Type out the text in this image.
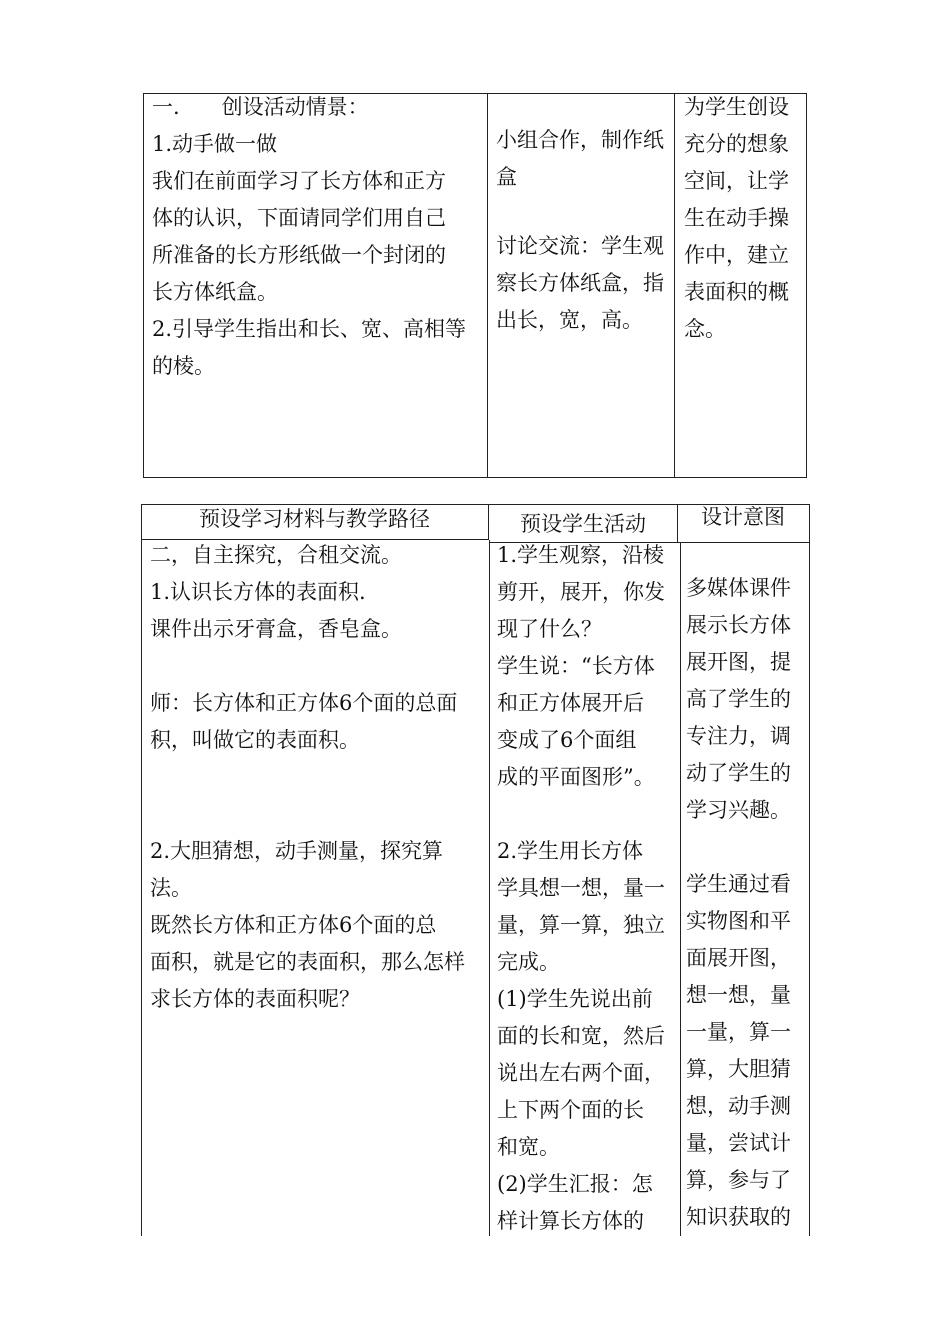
一.　　创设活动情景：
1.动手做一做
我们在前面学习了长方体和正方
体的认识，下面请同学们用自己
所准备的长方形纸做一个封闭的
长方体纸盒。
2.引导学生指出和长、宽、高相等
的棱。
小组合作，制作纸
盒
讨论交流：学生观
察长方体纸盒，指
出长，宽，高。
为学生创设
充分的想象
空间，让学
生在动手操
作中，建立
表面积的概
念。
预设学习材料与教学路径	预设学生活动	设计意图
二，自主探究，合租交流。
1.认识长方体的表面积.
课件出示牙膏盒，香皂盒。
师：长方体和正方体6个面的总面
积，叫做它的表面积。
2.大胆猜想，动手测量，探究算
法。
既然长方体和正方体6个面的总
面积，就是它的表面积，那么怎样
求长方体的表面积呢？
1.学生观察，沿棱
剪开，展开，你发
现了什么？
学生说：“长方体
和正方体展开后
变成了6个面组
成的平面图形”。
2.学生用长方体
学具想一想，量一
量，算一算，独立
完成。
(1)学生先说出前
面的长和宽，然后
说出左右两个面，
上下两个面的长
和宽。
(2)学生汇报：怎
样计算长方体的
多媒体课件
展示长方体
展开图，提
高了学生的
专注力，调
动了学生的
学习兴趣。
学生通过看
实物图和平
面展开图，
想一想，量
一量，算一
算，大胆猜
想，动手测
量，尝试计
算，参与了
知识获取的
